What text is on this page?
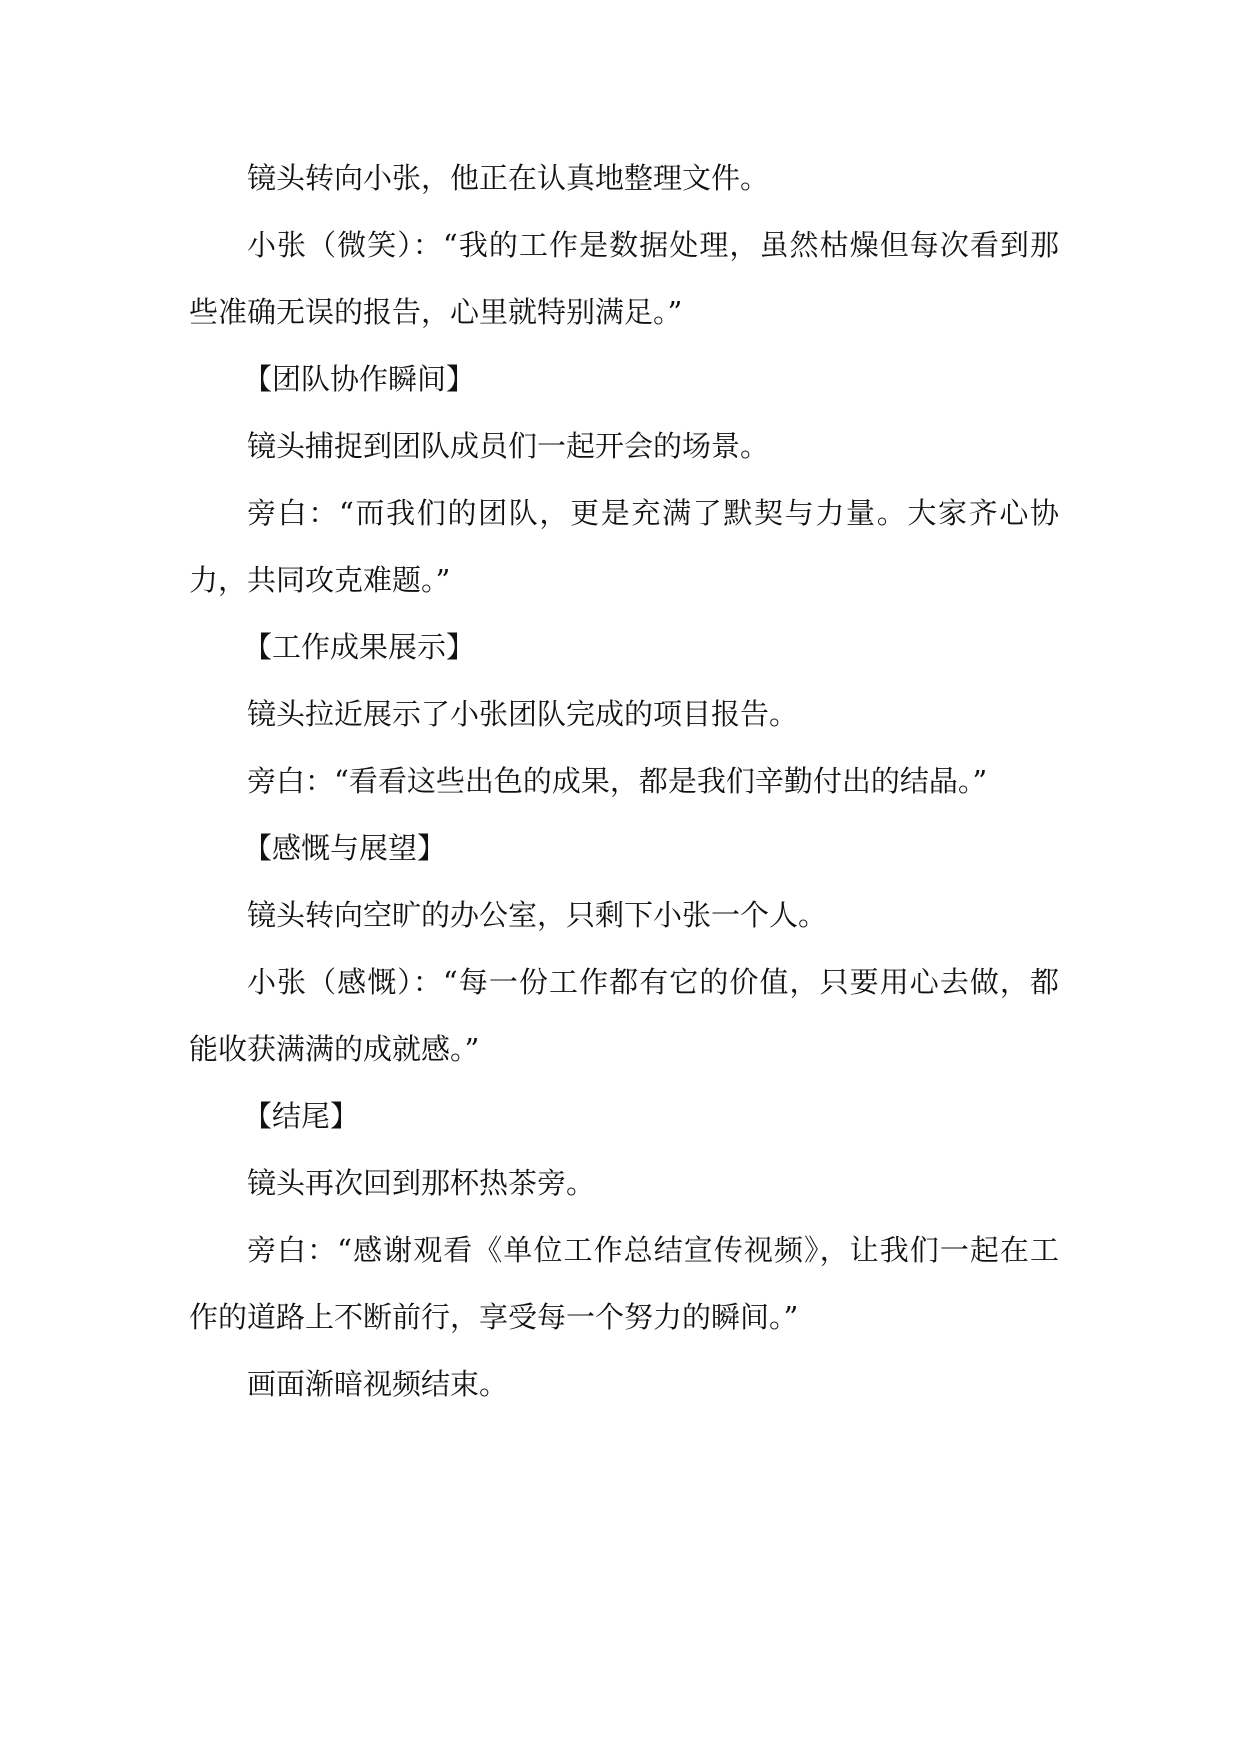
镜头转向小张，他正在认真地整理文件。

小张（微笑）：“我的工作是数据处理，虽然枯燥但每次看到那些准确无误的报告，心里就特别满足。”

【团队协作瞬间】

镜头捕捉到团队成员们一起开会的场景。

旁白：“而我们的团队，更是充满了默契与力量。大家齐心协力，共同攻克难题。”

【工作成果展示】

镜头拉近展示了小张团队完成的项目报告。

旁白：“看看这些出色的成果，都是我们辛勤付出的结晶。”

【感慨与展望】

镜头转向空旷的办公室，只剩下小张一个人。

小张（感慨）：“每一份工作都有它的价值，只要用心去做，都能收获满满的成就感。”

【结尾】

镜头再次回到那杯热茶旁。

旁白：“感谢观看《单位工作总结宣传视频》，让我们一起在工作的道路上不断前行，享受每一个努力的瞬间。”

画面渐暗视频结束。
